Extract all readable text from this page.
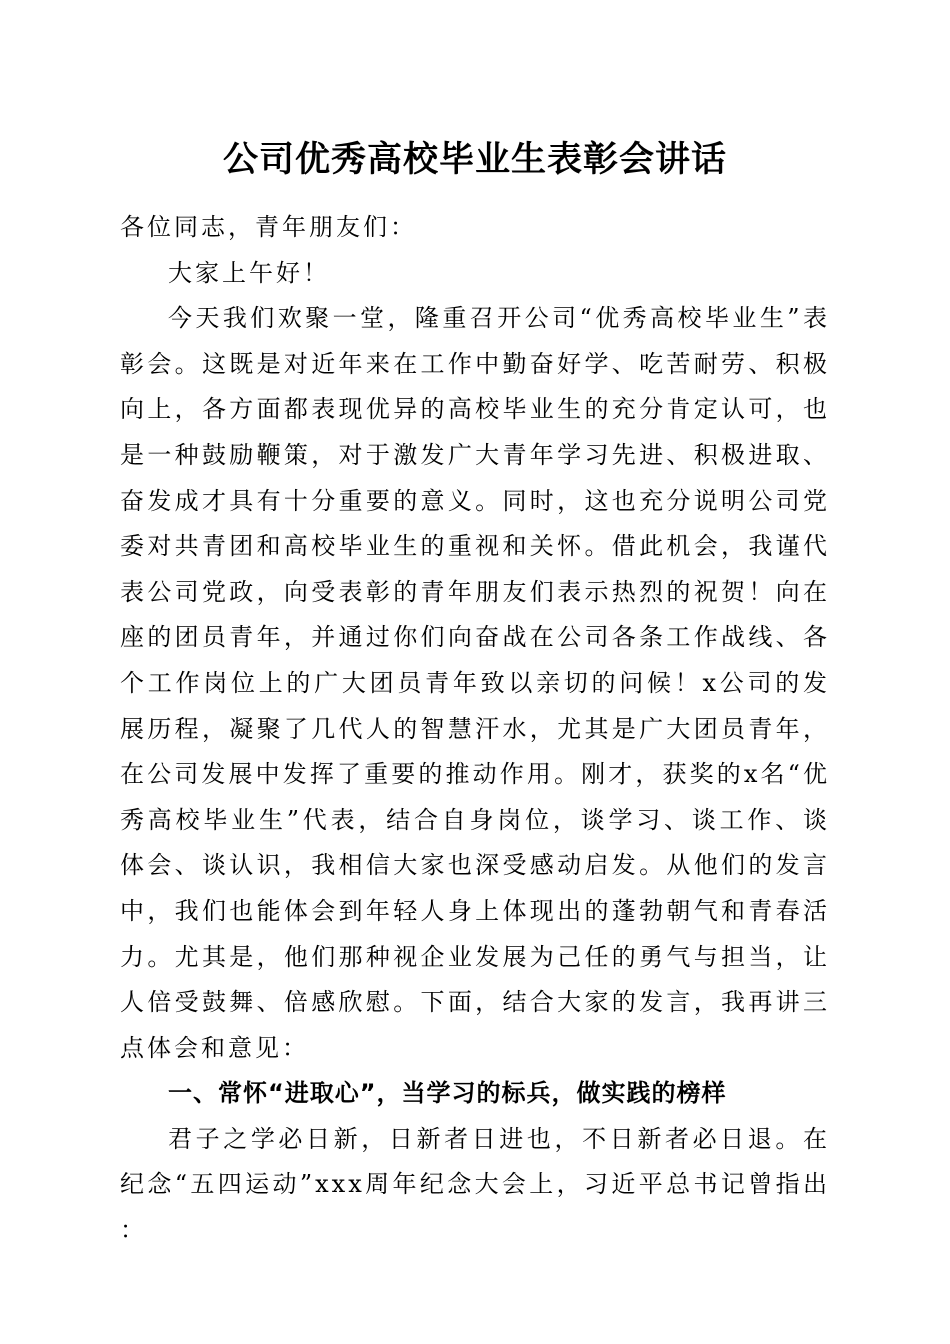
公司优秀高校毕业生表彰会讲话

各位同志，青年朋友们：

大家上午好！

今天我们欢聚一堂，隆重召开公司“优秀高校毕业生”表彰会。这既是对近年来在工作中勤奋好学、吃苦耐劳、积极向上，各方面都表现优异的高校毕业生的充分肯定认可，也是一种鼓励鞭策，对于激发广大青年学习先进、积极进取、奋发成才具有十分重要的意义。同时，这也充分说明公司党委对共青团和高校毕业生的重视和关怀。借此机会，我谨代表公司党政，向受表彰的青年朋友们表示热烈的祝贺！向在座的团员青年，并通过你们向奋战在公司各条工作战线、各个工作岗位上的广大团员青年致以亲切的问候！x公司的发展历程，凝聚了几代人的智慧汗水，尤其是广大团员青年，在公司发展中发挥了重要的推动作用。刚才，获奖的x名“优秀高校毕业生”代表，结合自身岗位，谈学习、谈工作、谈体会、谈认识，我相信大家也深受感动启发。从他们的发言中，我们也能体会到年轻人身上体现出的蓬勃朝气和青春活力。尤其是，他们那种视企业发展为己任的勇气与担当，让人倍受鼓舞、倍感欣慰。下面，结合大家的发言，我再讲三点体会和意见：

一、常怀“进取心”，当学习的标兵，做实践的榜样

君子之学必日新，日新者日进也，不日新者必日退。在纪念“五四运动”xxx周年纪念大会上，习近平总书记曾指出：
